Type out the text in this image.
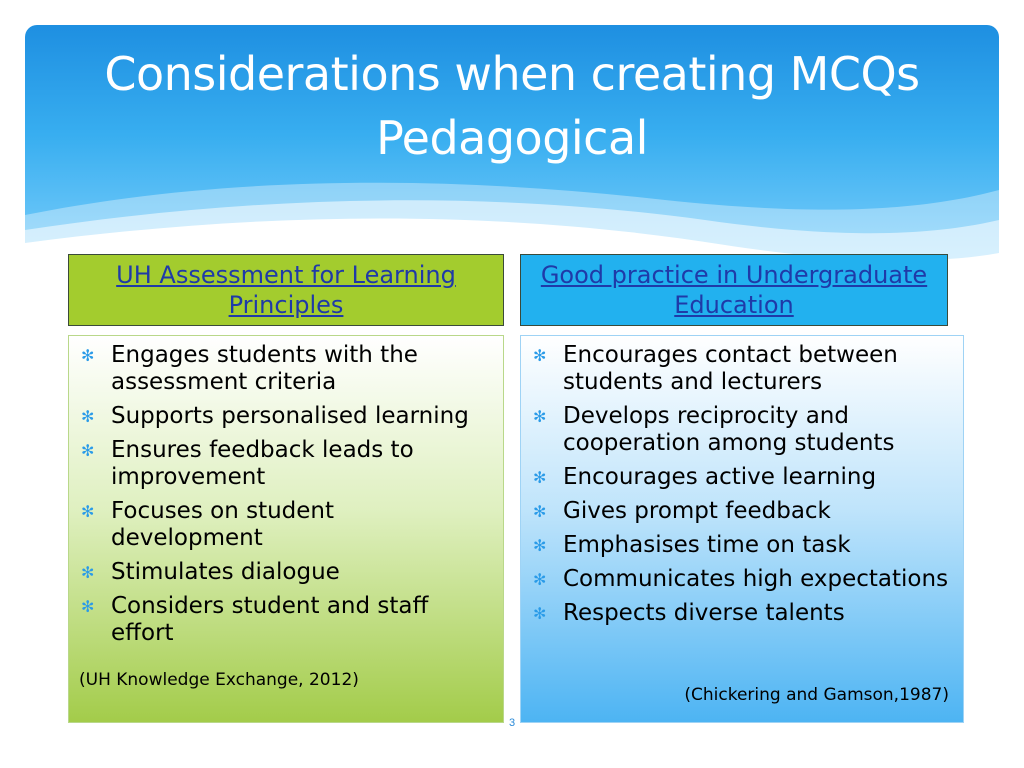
Considerations when creating MCQs
Pedagogical
UH Assessment for Learning Principles
Good practice in Undergraduate Education
✻ Engages students with the assessment criteria
✻ Supports personalised learning
✻ Ensures feedback leads to improvement
✻ Focuses on student development
✻ Stimulates dialogue
✻ Considers student and staff effort
(UH Knowledge Exchange, 2012)
✻ Encourages contact between students and lecturers
✻ Develops reciprocity and cooperation among students
✻ Encourages active learning
✻ Gives prompt feedback
✻ Emphasises time on task
✻ Communicates high expectations
✻ Respects diverse talents
(Chickering and Gamson,1987)
3
